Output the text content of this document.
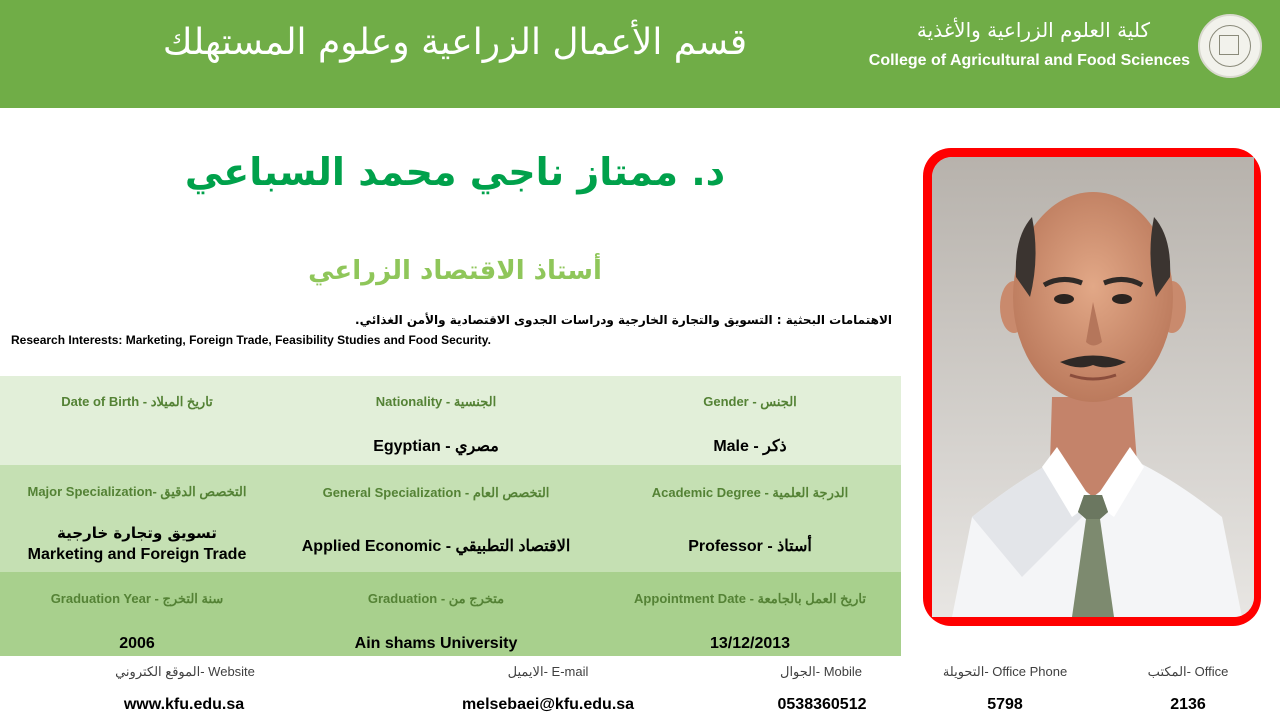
قسم الأعمال الزراعية وعلوم المستهلك	كلية العلوم الزراعية والأغذية
College of Agricultural and Food Sciences
د. ممتاز ناجي محمد السباعي
أستاذ الاقتصاد الزراعي
الاهتمامات البحثية : التسويق والتجارة الخارجية ودراسات الجدوى الاقتصادية والأمن الغذائي.
Research Interests: Marketing, Foreign Trade, Feasibility Studies and Food Security.
Gender - الجنس
Male - ذكر
Nationality - الجنسية
Egyptian - مصري
Date of Birth - تاريخ الميلاد
Academic Degree - الدرجة العلمية
Professor - أستاذ
General Specialization - التخصص العام
Applied Economic - الاقتصاد التطبيقي
Major Specialization- التخصص الدقيق
تسويق وتجارة خارجية
Marketing and Foreign Trade
Appointment Date - تاريخ العمل بالجامعة
13/12/2013
Graduation - متخرج من
Ain shams University
Graduation Year - سنة التخرج
2006
المكتب- Office
2136
التحويلة- Office Phone
5798
الجوال- Mobile
0538360512
الايميل- E-mail
melsebaei@kfu.edu.sa
الموقع الكتروني- Website
www.kfu.edu.sa
